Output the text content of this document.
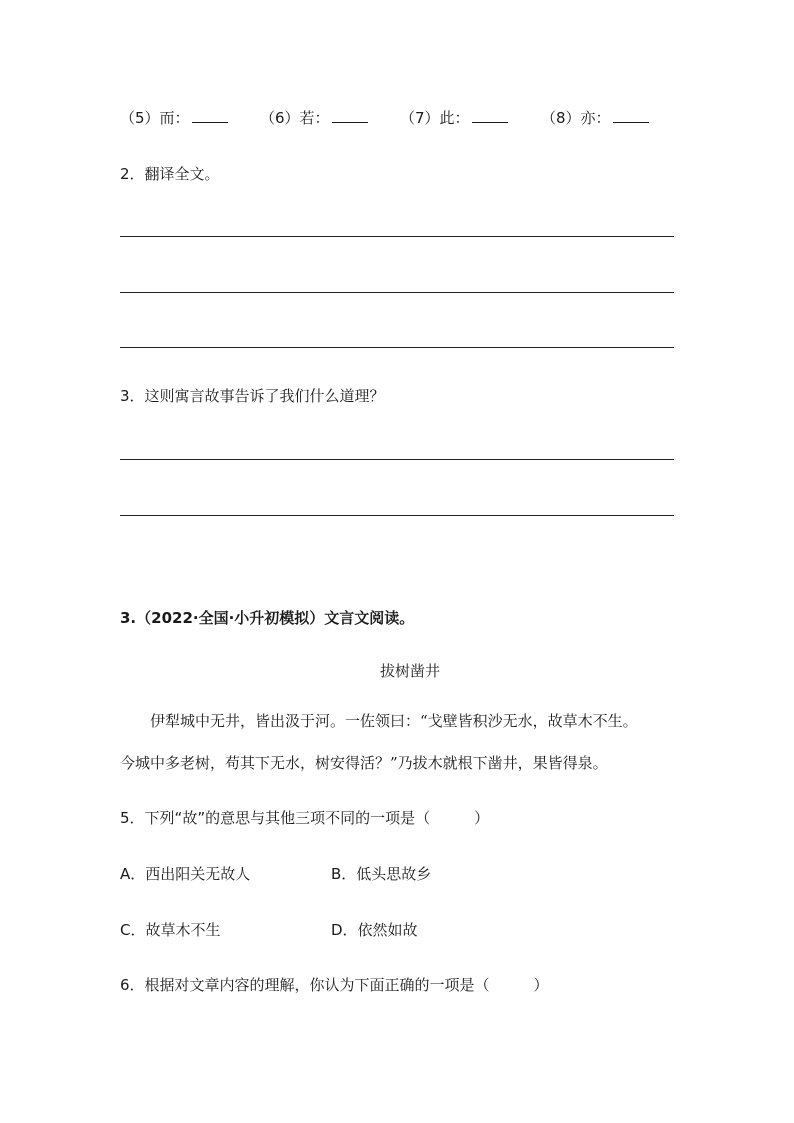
（5）而：	（6）若：	（7）此：	（8）亦：
2．翻译全文。
3．这则寓言故事告诉了我们什么道理？
3.（2022·全国·小升初模拟）文言文阅读。
拔树凿井
伊犁城中无井，皆出汲于河。一佐领曰：“戈壁皆积沙无水，故草木不生。
今城中多老树，苟其下无水，树安得活？”乃拔木就根下凿井，果皆得泉。
5．下列“故”的意思与其他三项不同的一项是（	）
A．西出阳关无故人	B．低头思故乡
C．故草木不生	D．依然如故
6．根据对文章内容的理解，你认为下面正确的一项是（	）
